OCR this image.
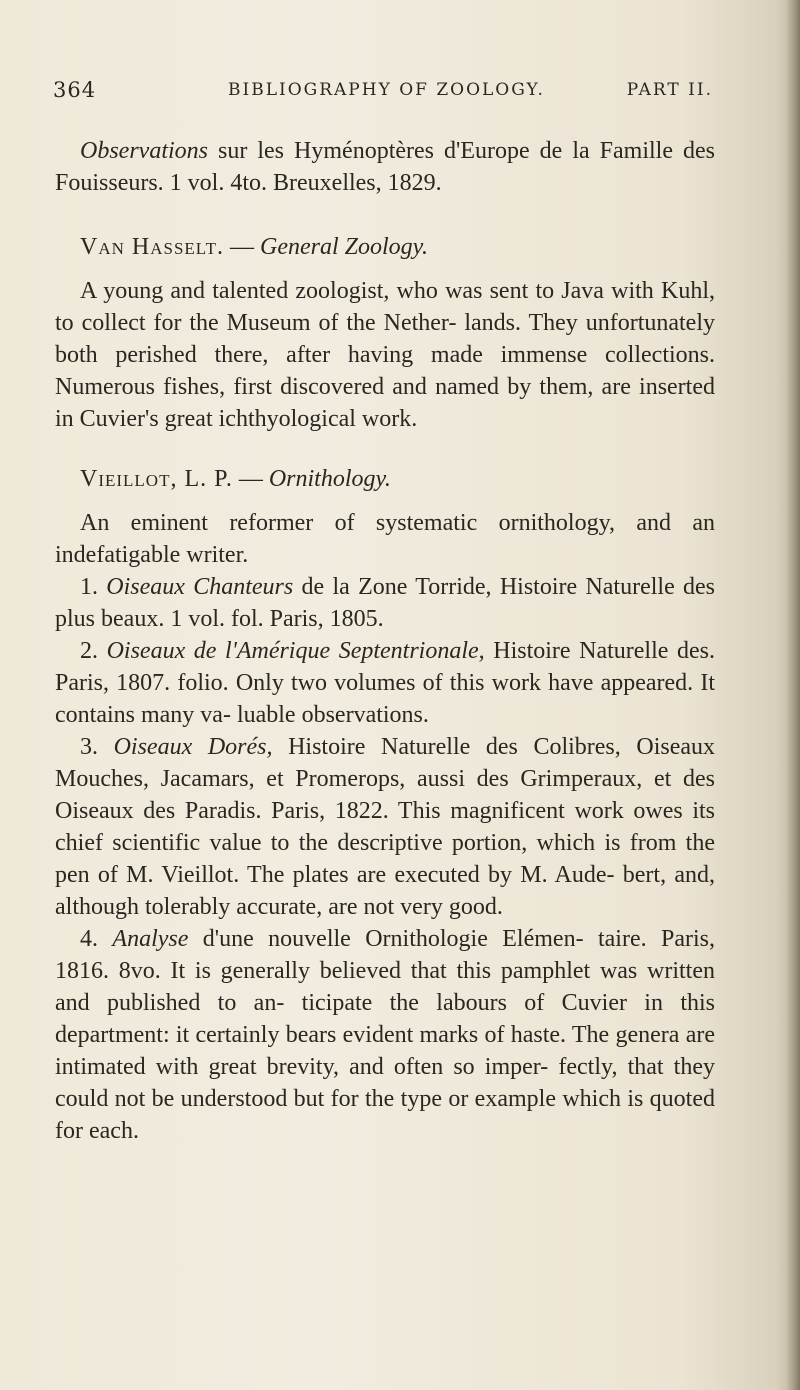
364	BIBLIOGRAPHY OF ZOOLOGY.	PART II.

Observations sur les Hyménoptères d'Europe de la Famille des Fouisseurs. 1 vol. 4to. Breuxelles, 1829.

Van Hasselt. — General Zoology.

A young and talented zoologist, who was sent to Java with Kuhl, to collect for the Museum of the Nether- lands. They unfortunately both perished there, after having made immense collections. Numerous fishes, first discovered and named by them, are inserted in Cuvier's great ichthyological work.

Vieillot, L. P. — Ornithology.

An eminent reformer of systematic ornithology, and an indefatigable writer.

1. Oiseaux Chanteurs de la Zone Torride, Histoire Naturelle des plus beaux. 1 vol. fol. Paris, 1805.

2. Oiseaux de l'Amérique Septentrionale, Histoire Naturelle des. Paris, 1807. folio. Only two volumes of this work have appeared. It contains many va- luable observations.

3. Oiseaux Dorés, Histoire Naturelle des Colibres, Oiseaux Mouches, Jacamars, et Promerops, aussi des Grimperaux, et des Oiseaux des Paradis. Paris, 1822. This magnificent work owes its chief scientific value to the descriptive portion, which is from the pen of M. Vieillot. The plates are executed by M. Aude- bert, and, although tolerably accurate, are not very good.

4. Analyse d'une nouvelle Ornithologie Elémen- taire. Paris, 1816. 8vo. It is generally believed that this pamphlet was written and published to an- ticipate the labours of Cuvier in this department: it certainly bears evident marks of haste. The genera are intimated with great brevity, and often so imper- fectly, that they could not be understood but for the type or example which is quoted for each.
